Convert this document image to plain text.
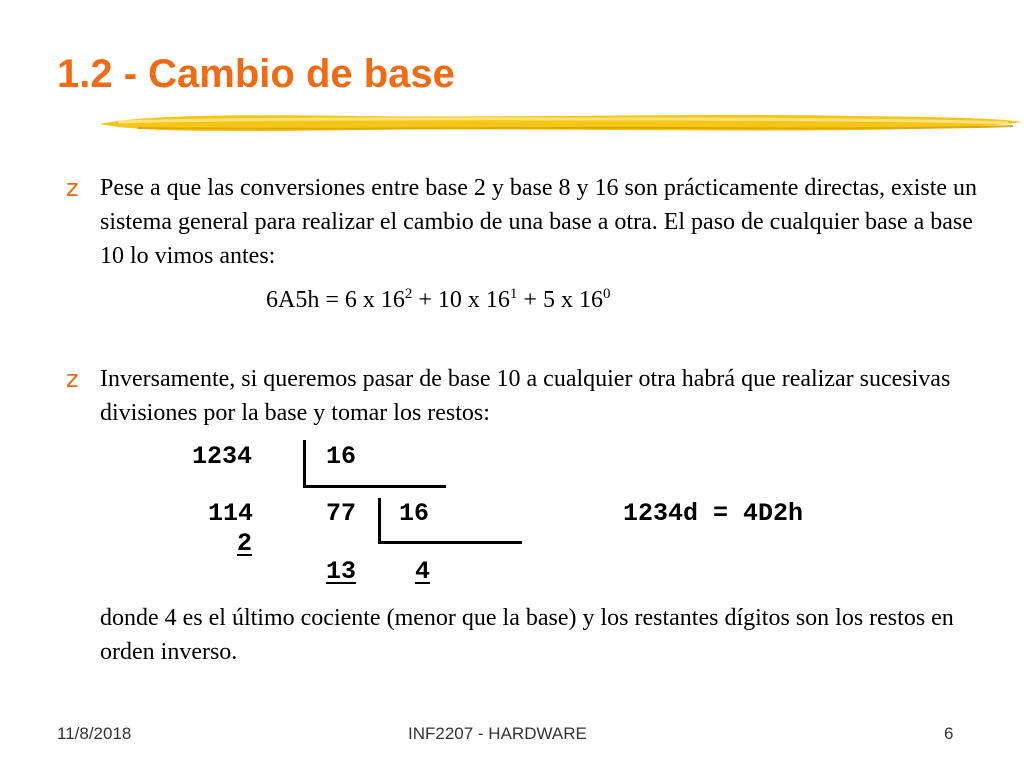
1.2 - Cambio de base
z Pese a que las conversiones entre base 2 y base 8 y 16 son prácticamente directas, existe un sistema general para realizar el cambio de una base a otra. El paso de cualquier base a base 10 lo vimos antes:

6A5h = 6 x $16^2 + 10$ x $16^1 + 5$ x $16^0$
z Inversamente, si queremos pasar de base 10 a cualquier otra habrá que realizar sucesivas divisiones por la base y tomar los restos:

1234	16
114	77 16
2
13 4
1234d = 4D2h

donde 4 es el último cociente (menor que la base) y los restantes dígitos son los restos en orden inverso.

11/8/2018	INF2207 - HARDWARE	6
